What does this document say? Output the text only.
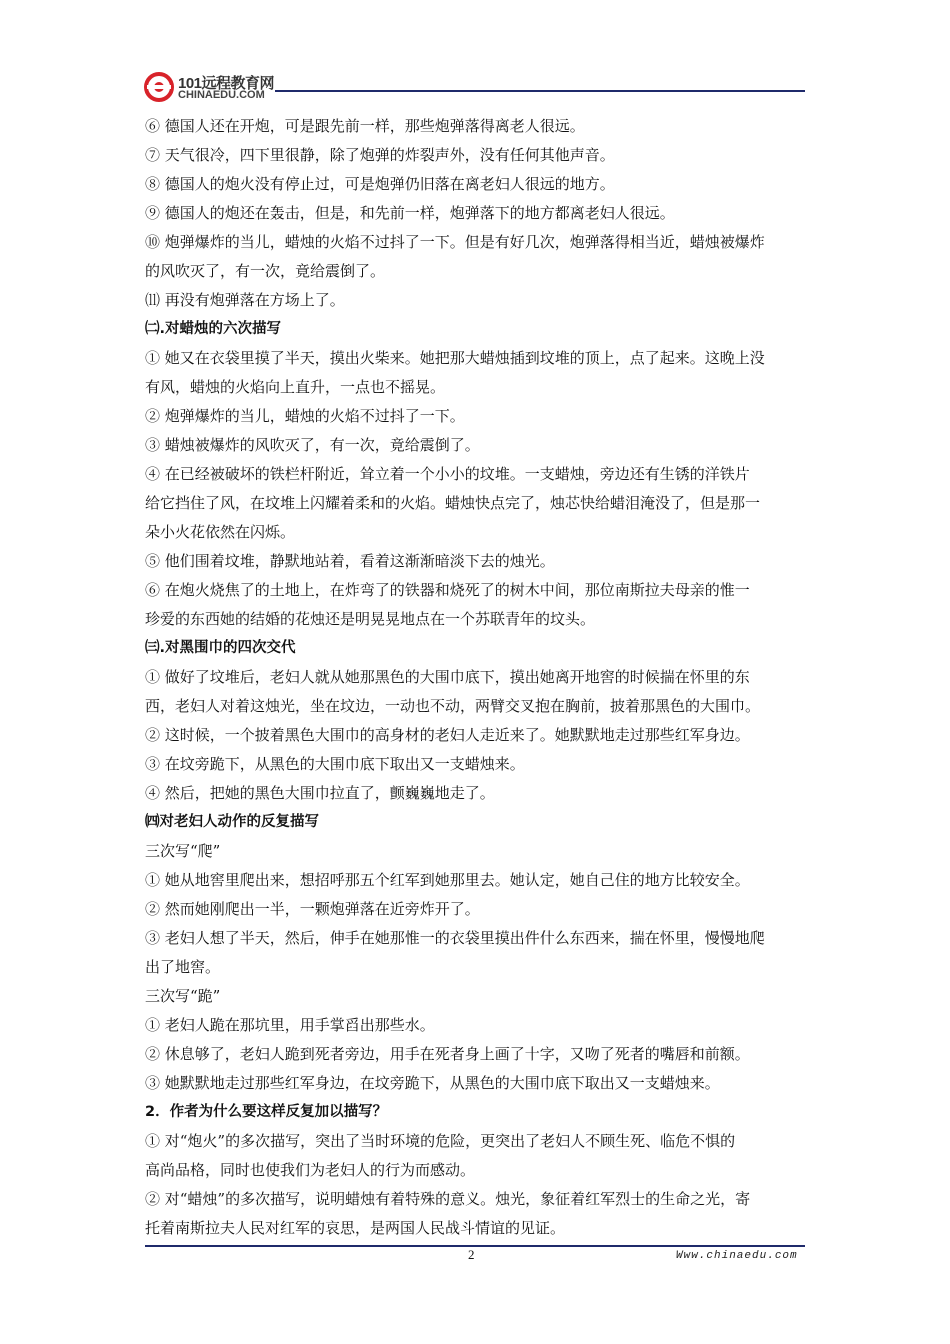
101远程教育网
CHINAEDU.COM
⑥ 德国人还在开炮，可是跟先前一样，那些炮弹落得离老人很远。
⑦ 天气很冷，四下里很静，除了炮弹的炸裂声外，没有任何其他声音。
⑧ 德国人的炮火没有停止过，可是炮弹仍旧落在离老妇人很远的地方。
⑨ 德国人的炮还在轰击，但是，和先前一样，炮弹落下的地方都离老妇人很远。
⑩ 炮弹爆炸的当儿，蜡烛的火焰不过抖了一下。但是有好几次，炮弹落得相当近，蜡烛被爆炸
的风吹灭了，有一次，竟给震倒了。
⑾ 再没有炮弹落在方场上了。
㈡.对蜡烛的六次描写
① 她又在衣袋里摸了半天，摸出火柴来。她把那大蜡烛插到坟堆的顶上，点了起来。这晚上没
有风，蜡烛的火焰向上直升，一点也不摇晃。
② 炮弹爆炸的当儿，蜡烛的火焰不过抖了一下。
③ 蜡烛被爆炸的风吹灭了，有一次，竟给震倒了。
④ 在已经被破坏的铁栏杆附近，耸立着一个小小的坟堆。一支蜡烛，旁边还有生锈的洋铁片
给它挡住了风，在坟堆上闪耀着柔和的火焰。蜡烛快点完了，烛芯快给蜡泪淹没了，但是那一
朵小火花依然在闪烁。
⑤ 他们围着坟堆，静默地站着，看着这渐渐暗淡下去的烛光。
⑥ 在炮火烧焦了的土地上，在炸弯了的铁器和烧死了的树木中间，那位南斯拉夫母亲的惟一
珍爱的东西她的结婚的花烛还是明晃晃地点在一个苏联青年的坟头。
㈢.对黑围巾的四次交代
① 做好了坟堆后，老妇人就从她那黑色的大围巾底下，摸出她离开地窖的时候揣在怀里的东
西，老妇人对着这烛光，坐在坟边，一动也不动，两臂交叉抱在胸前，披着那黑色的大围巾。
② 这时候，一个披着黑色大围巾的高身材的老妇人走近来了。她默默地走过那些红军身边。
③ 在坟旁跪下，从黑色的大围巾底下取出又一支蜡烛来。
④ 然后，把她的黑色大围巾拉直了，颤巍巍地走了。
㈣对老妇人动作的反复描写
三次写“爬”
① 她从地窖里爬出来，想招呼那五个红军到她那里去。她认定，她自己住的地方比较安全。
② 然而她刚爬出一半，一颗炮弹落在近旁炸开了。
③ 老妇人想了半天，然后，伸手在她那惟一的衣袋里摸出件什么东西来，揣在怀里，慢慢地爬
出了地窖。
三次写“跪”
① 老妇人跪在那坑里，用手掌舀出那些水。
② 休息够了，老妇人跪到死者旁边，用手在死者身上画了十字，又吻了死者的嘴唇和前额。
③ 她默默地走过那些红军身边，在坟旁跪下，从黑色的大围巾底下取出又一支蜡烛来。
2．作者为什么要这样反复加以描写？
① 对“炮火”的多次描写，突出了当时环境的危险，更突出了老妇人不顾生死、临危不惧的
高尚品格，同时也使我们为老妇人的行为而感动。
② 对“蜡烛”的多次描写，说明蜡烛有着特殊的意义。烛光，象征着红军烈士的生命之光，寄
托着南斯拉夫人民对红军的哀思，是两国人民战斗情谊的见证。
2	Www.chinaedu.com
